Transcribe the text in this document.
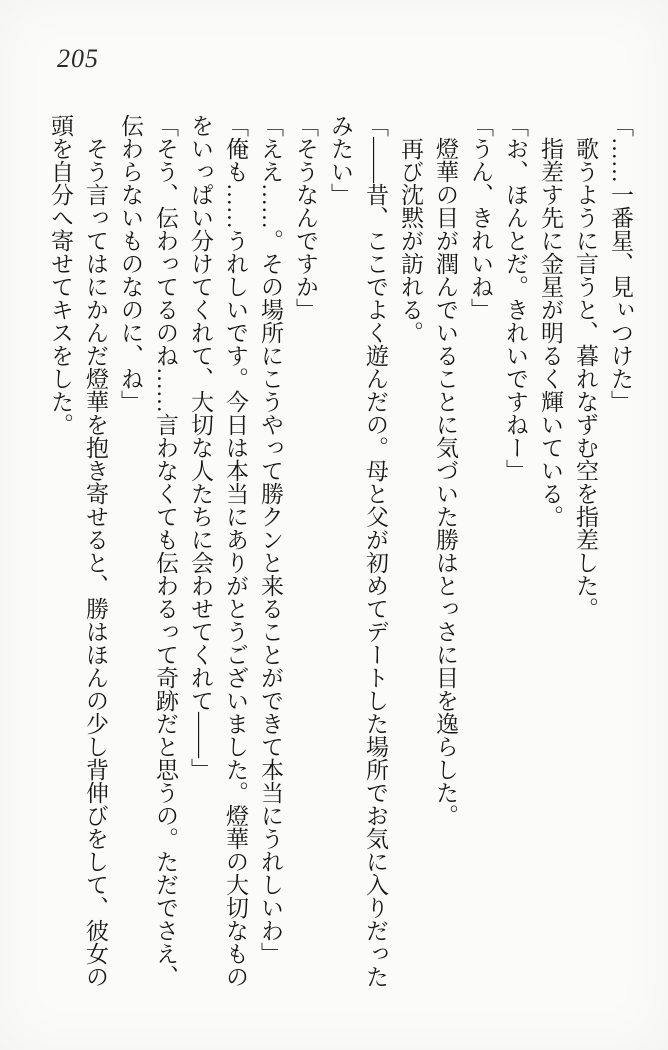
205
「……一番星、見ぃつけた」
　歌うように言うと、暮れなずむ空を指差した。
　指差す先に金星が明るく輝いている。
「お、ほんとだ。きれいですねー」
「うん、きれいね」
　燈華の目が潤んでいることに気づいた勝はとっさに目を逸らした。
　再び沈黙が訪れる。
「――昔、ここでよく遊んだの。母と父が初めてデートした場所でお気に入りだった
みたい」
「そうなんですか」
「ええ……。その場所にこうやって勝クンと来ることができて本当にうれしいわ」
「俺も……うれしいです。今日は本当にありがとうございました。燈華の大切なもの
をいっぱい分けてくれて、大切な人たちに会わせてくれて――」
「そう、伝わってるのね……言わなくても伝わるって奇跡だと思うの。ただでさえ、
伝わらないものなのに、ね」
　そう言ってはにかんだ燈華を抱き寄せると、勝はほんの少し背伸びをして、彼女の
頭を自分へ寄せてキスをした。
